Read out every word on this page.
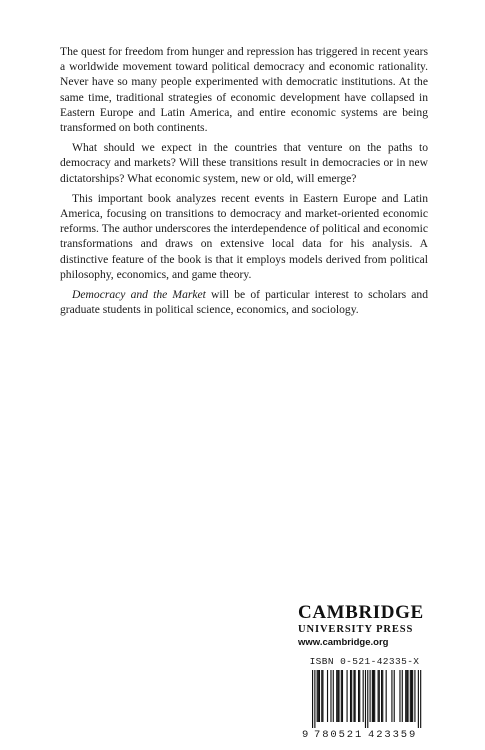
The quest for freedom from hunger and repression has triggered in recent years a worldwide movement toward political democracy and economic rationality. Never have so many people experimented with democratic institutions. At the same time, traditional strategies of economic development have collapsed in Eastern Europe and Latin America, and entire economic systems are being transformed on both continents.

What should we expect in the countries that venture on the paths to democracy and markets? Will these transitions result in democracies or in new dictatorships? What economic system, new or old, will emerge?

This important book analyzes recent events in Eastern Europe and Latin America, focusing on transitions to democracy and market-oriented economic reforms. The author underscores the interdependence of political and economic transformations and draws on extensive local data for his analysis. A distinctive feature of the book is that it employs models derived from political philosophy, economics, and game theory.

Democracy and the Market will be of particular interest to scholars and graduate students in political science, economics, and sociology.

CAMBRIDGE
UNIVERSITY PRESS
www.cambridge.org
ISBN 0-521-42335-X
9 780521 423359
